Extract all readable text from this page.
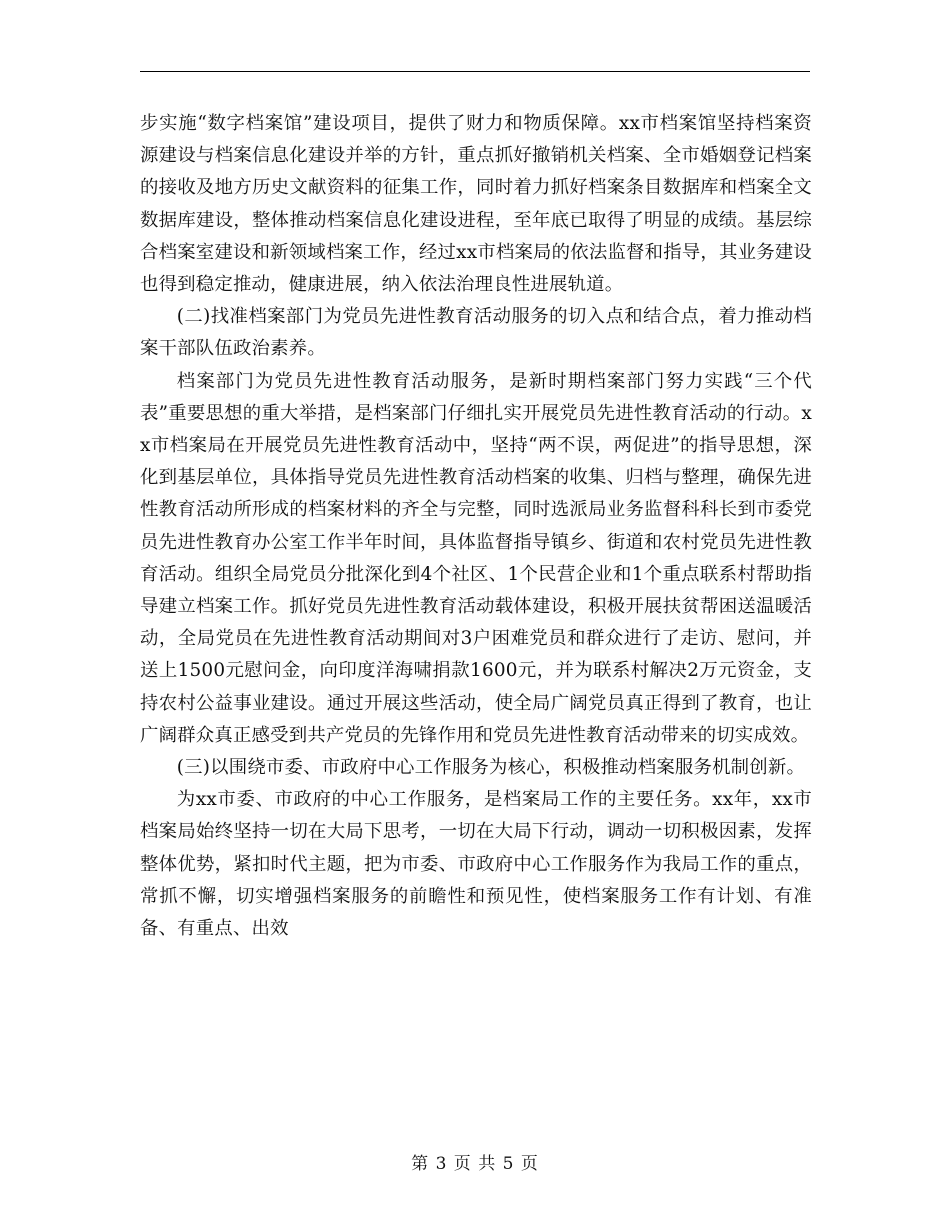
步实施“数字档案馆”建设项目，提供了财力和物质保障。xx市档案馆坚持档案资源建设与档案信息化建设并举的方针，重点抓好撤销机关档案、全市婚姻登记档案的接收及地方历史文献资料的征集工作，同时着力抓好档案条目数据库和档案全文数据库建设，整体推动档案信息化建设进程，至年底已取得了明显的成绩。基层综合档案室建设和新领域档案工作，经过xx市档案局的依法监督和指导，其业务建设也得到稳定推动，健康进展，纳入依法治理良性进展轨道。

(二)找准档案部门为党员先进性教育活动服务的切入点和结合点，着力推动档案干部队伍政治素养。

档案部门为党员先进性教育活动服务，是新时期档案部门努力实践“三个代表”重要思想的重大举措，是档案部门仔细扎实开展党员先进性教育活动的行动。xx市档案局在开展党员先进性教育活动中，坚持“两不误，两促进”的指导思想，深化到基层单位，具体指导党员先进性教育活动档案的收集、归档与整理，确保先进性教育活动所形成的档案材料的齐全与完整，同时选派局业务监督科科长到市委党员先进性教育办公室工作半年时间，具体监督指导镇乡、街道和农村党员先进性教育活动。组织全局党员分批深化到4个社区、1个民营企业和1个重点联系村帮助指导建立档案工作。抓好党员先进性教育活动载体建设，积极开展扶贫帮困送温暖活动，全局党员在先进性教育活动期间对3户困难党员和群众进行了走访、慰问，并送上1500元慰问金，向印度洋海啸捐款1600元，并为联系村解决2万元资金，支持农村公益事业建设。通过开展这些活动，使全局广阔党员真正得到了教育，也让广阔群众真正感受到共产党员的先锋作用和党员先进性教育活动带来的切实成效。

(三)以围绕市委、市政府中心工作服务为核心，积极推动档案服务机制创新。

为xx市委、市政府的中心工作服务，是档案局工作的主要任务。xx年，xx市档案局始终坚持一切在大局下思考，一切在大局下行动，调动一切积极因素，发挥整体优势，紧扣时代主题，把为市委、市政府中心工作服务作为我局工作的重点，常抓不懈，切实增强档案服务的前瞻性和预见性，使档案服务工作有计划、有准备、有重点、出效

第 3 页 共 5 页
